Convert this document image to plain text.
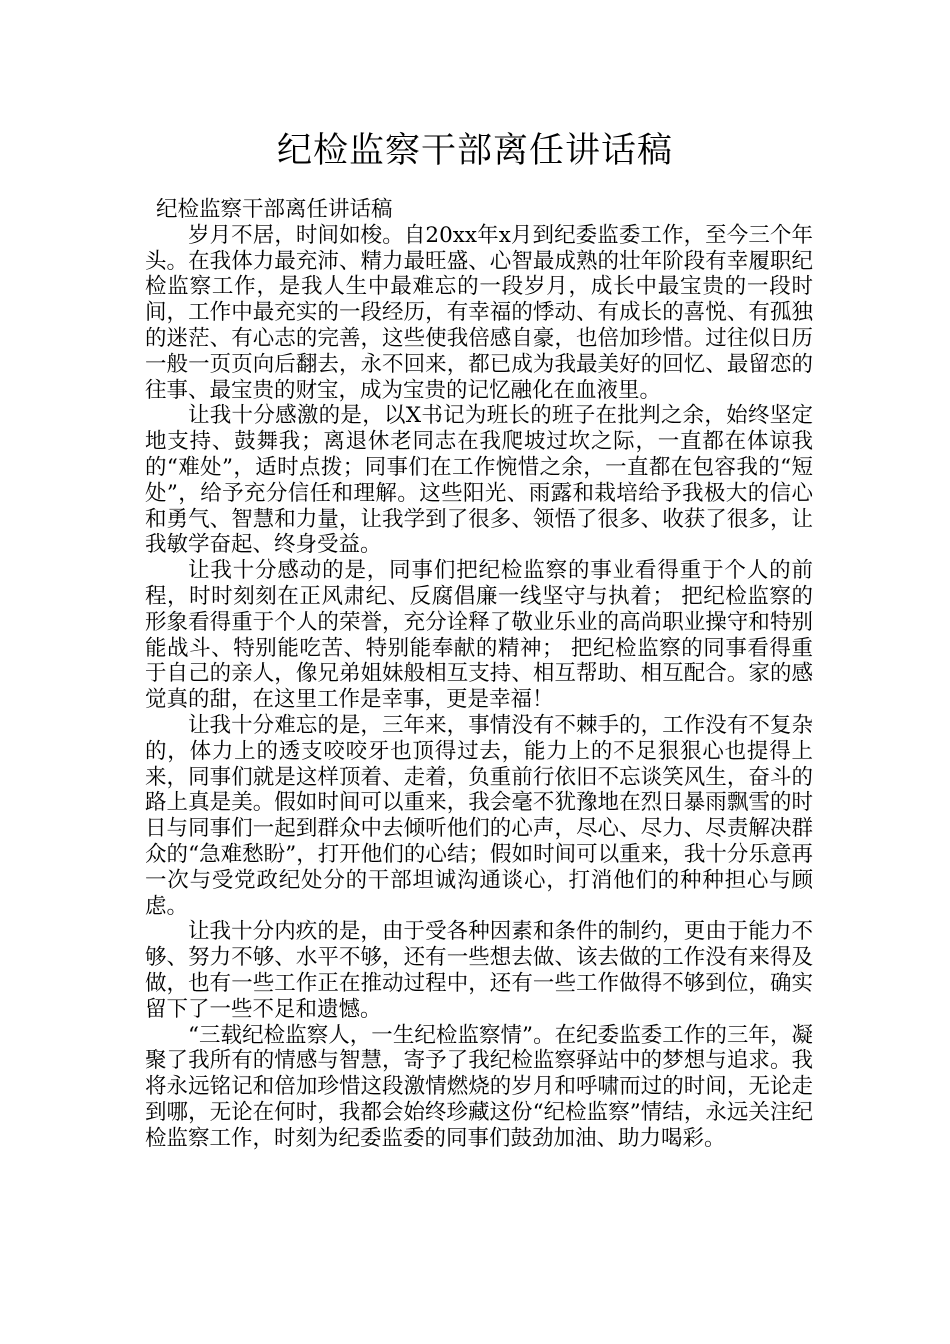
纪检监察干部离任讲话稿

纪检监察干部离任讲话稿

岁月不居，时间如梭。自20xx年x月到纪委监委工作，至今三个年头。在我体力最充沛、精力最旺盛、心智最成熟的壮年阶段有幸履职纪检监察工作，是我人生中最难忘的一段岁月，成长中最宝贵的一段时间，工作中最充实的一段经历，有幸福的悸动、有成长的喜悦、有孤独的迷茫、有心志的完善，这些使我倍感自豪，也倍加珍惜。过往似日历一般一页页向后翻去，永不回来，都已成为我最美好的回忆、最留恋的往事、最宝贵的财宝，成为宝贵的记忆融化在血液里。

让我十分感激的是，以X书记为班长的班子在批判之余，始终坚定地支持、鼓舞我；离退休老同志在我爬坡过坎之际，一直都在体谅我的“难处”，适时点拨；同事们在工作惋惜之余，一直都在包容我的“短处”，给予充分信任和理解。这些阳光、雨露和栽培给予我极大的信心和勇气、智慧和力量，让我学到了很多、领悟了很多、收获了很多，让我敏学奋起、终身受益。

让我十分感动的是，同事们把纪检监察的事业看得重于个人的前程，时时刻刻在正风肃纪、反腐倡廉一线坚守与执着； 把纪检监察的形象看得重于个人的荣誉，充分诠释了敬业乐业的高尚职业操守和特别能战斗、特别能吃苦、特别能奉献的精神； 把纪检监察的同事看得重于自己的亲人，像兄弟姐妹般相互支持、相互帮助、相互配合。家的感觉真的甜，在这里工作是幸事，更是幸福！

让我十分难忘的是，三年来，事情没有不棘手的，工作没有不复杂的，体力上的透支咬咬牙也顶得过去，能力上的不足狠狠心也提得上来，同事们就是这样顶着、走着，负重前行依旧不忘谈笑风生，奋斗的路上真是美。假如时间可以重来，我会毫不犹豫地在烈日暴雨飘雪的时日与同事们一起到群众中去倾听他们的心声，尽心、尽力、尽责解决群众的“急难愁盼”，打开他们的心结；假如时间可以重来，我十分乐意再一次与受党政纪处分的干部坦诚沟通谈心，打消他们的种种担心与顾虑。

让我十分内疚的是，由于受各种因素和条件的制约，更由于能力不够、努力不够、水平不够，还有一些想去做、该去做的工作没有来得及做，也有一些工作正在推动过程中，还有一些工作做得不够到位，确实留下了一些不足和遗憾。

“三载纪检监察人，一生纪检监察情”。在纪委监委工作的三年，凝聚了我所有的情感与智慧，寄予了我纪检监察驿站中的梦想与追求。我将永远铭记和倍加珍惜这段激情燃烧的岁月和呼啸而过的时间，无论走到哪，无论在何时，我都会始终珍藏这份“纪检监察”情结，永远关注纪检监察工作，时刻为纪委监委的同事们鼓劲加油、助力喝彩。
